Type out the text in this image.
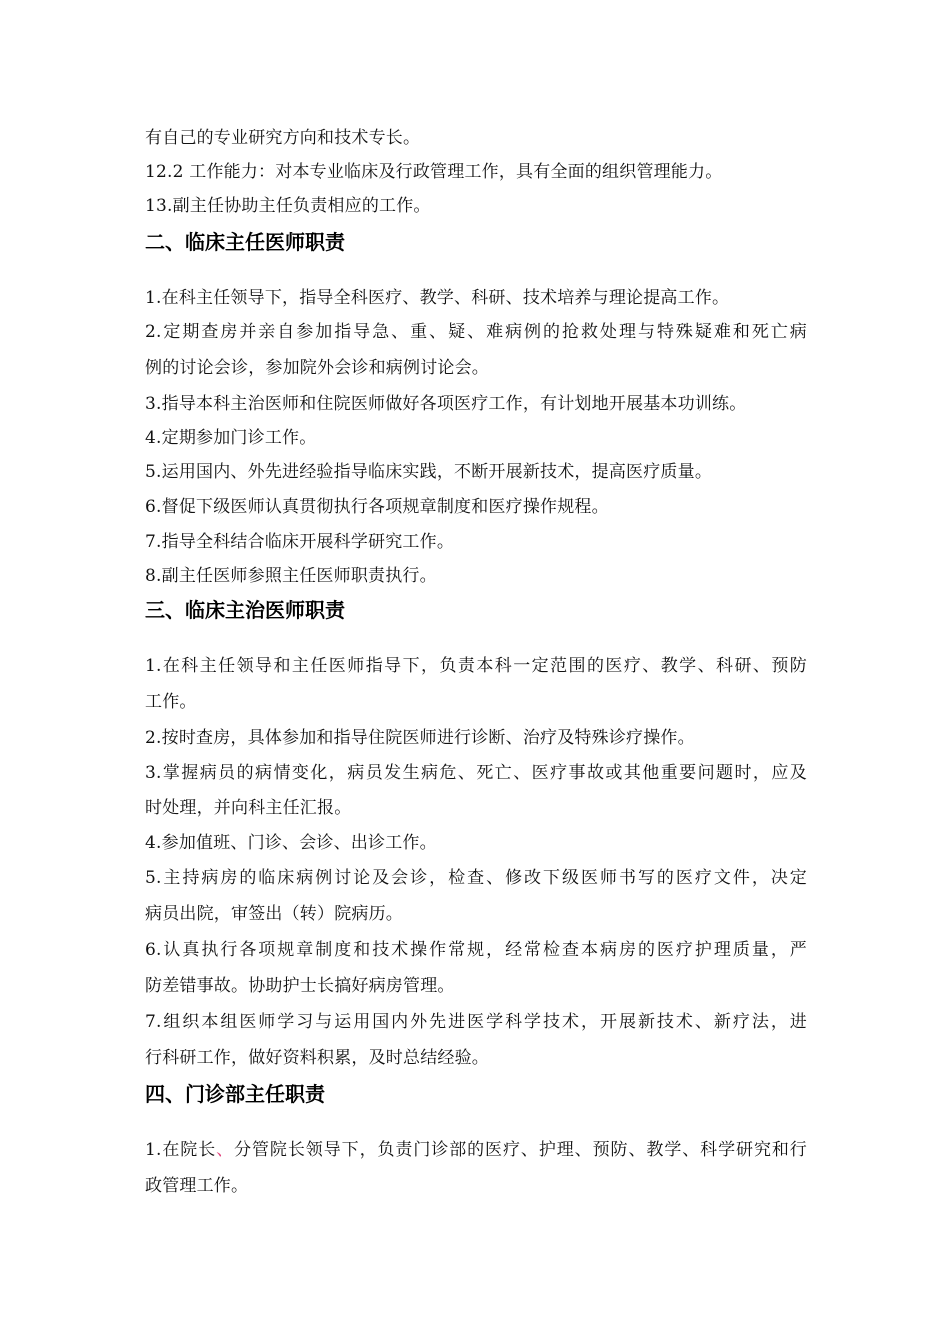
有自己的专业研究方向和技术专长。
12.2 工作能力：对本专业临床及行政管理工作，具有全面的组织管理能力。
13.副主任协助主任负责相应的工作。
二、临床主任医师职责
1.在科主任领导下，指导全科医疗、教学、科研、技术培养与理论提高工作。
2.定期查房并亲自参加指导急、重、疑、难病例的抢救处理与特殊疑难和死亡病
例的讨论会诊，参加院外会诊和病例讨论会。
3.指导本科主治医师和住院医师做好各项医疗工作，有计划地开展基本功训练。
4.定期参加门诊工作。
5.运用国内、外先进经验指导临床实践，不断开展新技术，提高医疗质量。
6.督促下级医师认真贯彻执行各项规章制度和医疗操作规程。
7.指导全科结合临床开展科学研究工作。
8.副主任医师参照主任医师职责执行。
三、临床主治医师职责
1.在科主任领导和主任医师指导下，负责本科一定范围的医疗、教学、科研、预防
工作。
2.按时查房，具体参加和指导住院医师进行诊断、治疗及特殊诊疗操作。
3.掌握病员的病情变化，病员发生病危、死亡、医疗事故或其他重要问题时，应及
时处理，并向科主任汇报。
4.参加值班、门诊、会诊、出诊工作。
5.主持病房的临床病例讨论及会诊，检查、修改下级医师书写的医疗文件，决定
病员出院，审签出（转）院病历。
6.认真执行各项规章制度和技术操作常规，经常检查本病房的医疗护理质量，严
防差错事故。协助护士长搞好病房管理。
7.组织本组医师学习与运用国内外先进医学科学技术，开展新技术、新疗法，进
行科研工作，做好资料积累，及时总结经验。
四、门诊部主任职责
1.在院长、分管院长领导下，负责门诊部的医疗、护理、预防、教学、科学研究和行
政管理工作。
